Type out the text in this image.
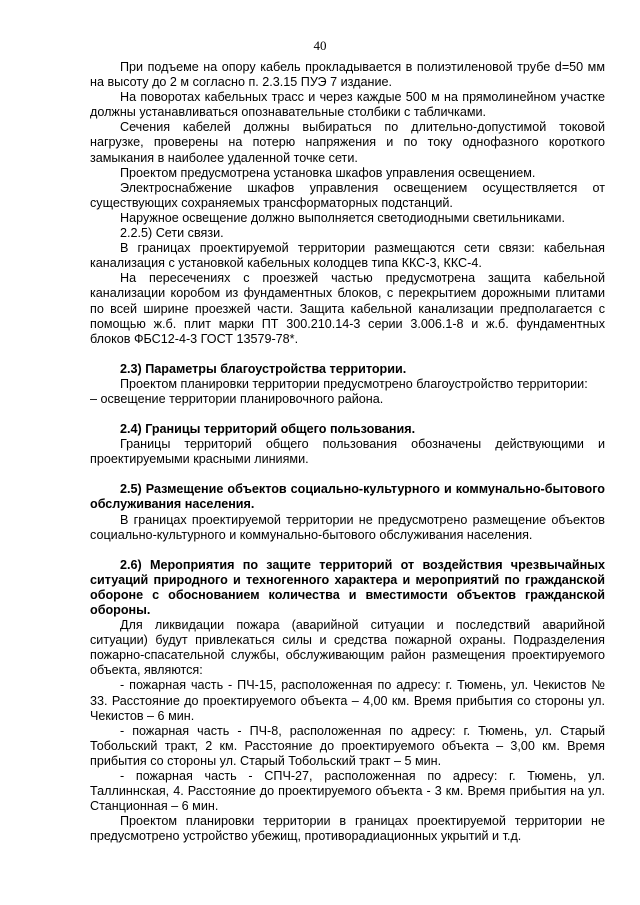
40

При подъеме на опору кабель прокладывается в полиэтиленовой трубе d=50 мм на высоту до 2 м согласно п. 2.3.15 ПУЭ 7 издание.

На поворотах кабельных трасс и через каждые 500 м на прямолинейном участке должны устанавливаться опознавательные столбики с табличками.

Сечения кабелей должны выбираться по длительно-допустимой токовой нагрузке, проверены на потерю напряжения и по току однофазного короткого замыкания в наиболее удаленной точке сети.

Проектом предусмотрена установка шкафов управления освещением.

Электроснабжение шкафов управления освещением осуществляется от существующих сохраняемых трансформаторных подстанций.

Наружное освещение должно выполняется светодиодными светильниками.

2.2.5) Сети связи.

В границах проектируемой территории размещаются сети связи: кабельная канализация с установкой кабельных колодцев типа ККС-3, ККС-4.

На пересечениях с проезжей частью предусмотрена защита кабельной канализации коробом из фундаментных блоков, с перекрытием дорожными плитами по всей ширине проезжей части. Защита кабельной канализации предполагается с помощью ж.б. плит марки ПТ 300.210.14-3 серии 3.006.1-8 и ж.б. фундаментных блоков ФБС12-4-3 ГОСТ 13579-78*.

2.3) Параметры благоустройства территории.

Проектом планировки территории предусмотрено благоустройство территории:

– освещение территории планировочного района.

2.4) Границы территорий общего пользования.

Границы территорий общего пользования обозначены действующими и проектируемыми красными линиями.

2.5) Размещение объектов социально-культурного и коммунально-бытового обслуживания населения.

В границах проектируемой территории не предусмотрено размещение объектов социально-культурного и коммунально-бытового обслуживания населения.

2.6) Мероприятия по защите территорий от воздействия чрезвычайных ситуаций природного и техногенного характера и мероприятий по гражданской обороне с обоснованием количества и вместимости объектов гражданской обороны.

Для ликвидации пожара (аварийной ситуации и последствий аварийной ситуации) будут привлекаться силы и средства пожарной охраны. Подразделения пожарно-спасательной службы, обслуживающим район размещения проектируемого объекта, являются:

- пожарная часть - ПЧ-15, расположенная по адресу: г. Тюмень, ул. Чекистов № 33. Расстояние до проектируемого объекта – 4,00 км. Время прибытия со стороны ул. Чекистов – 6 мин.

- пожарная часть - ПЧ-8, расположенная по адресу: г. Тюмень, ул. Старый Тобольский тракт, 2 км. Расстояние до проектируемого объекта – 3,00 км. Время прибытия со стороны ул. Старый Тобольский тракт – 5 мин.

- пожарная часть - СПЧ-27, расположенная по адресу: г. Тюмень, ул. Таллиннская, 4. Расстояние до проектируемого объекта - 3 км. Время прибытия на ул. Станционная – 6 мин.

Проектом планировки территории в границах проектируемой территории не предусмотрено устройство убежищ, противорадиационных укрытий и т.д.
